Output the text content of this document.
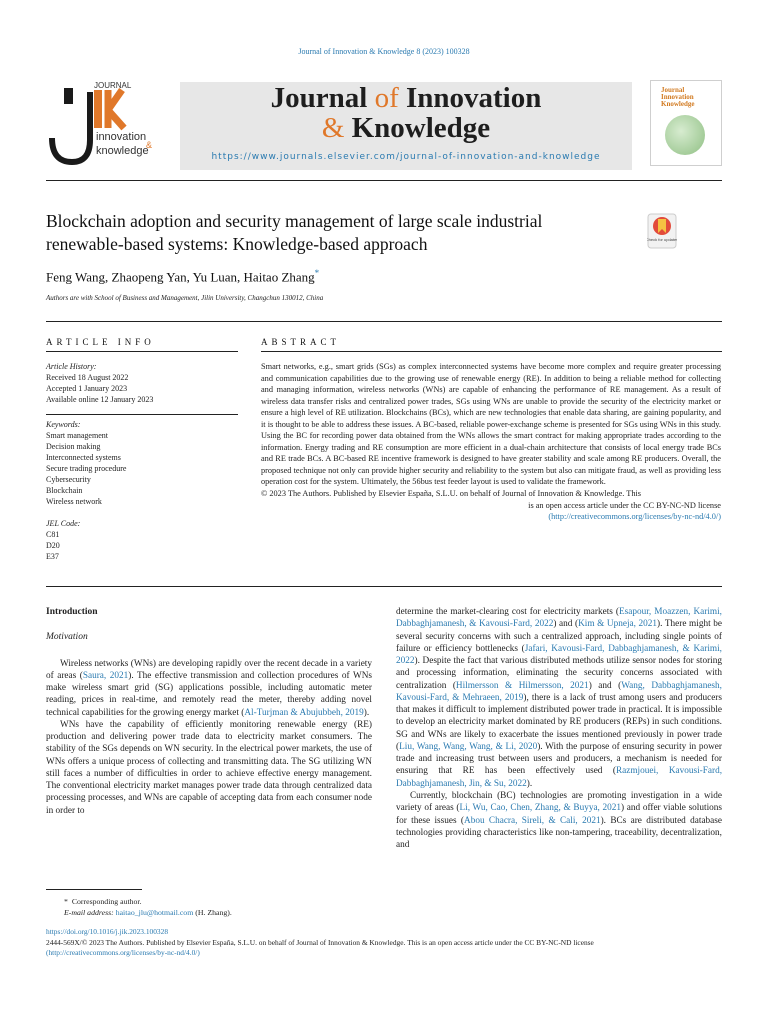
Journal of Innovation & Knowledge 8 (2023) 100328
JOURNAL
innovation
&
knowledge
Journal of Innovation
& Knowledge
https://www.journals.elsevier.com/journal-of-innovation-and-knowledge
Journal Innovation Knowledge
Blockchain adoption and security management of large scale industrial renewable-based systems: Knowledge-based approach	Check for updates
Feng Wang, Zhaopeng Yan, Yu Luan, Haitao Zhang*
Authors are with School of Business and Management, Jilin University, Changchun 130012, China
ARTICLE INFO
Article History:
Received 18 August 2022
Accepted 1 January 2023
Available online 12 January 2023
Keywords:
Smart management
Decision making
Interconnected systems
Secure trading procedure
Cybersecurity
Blockchain
Wireless network
JEL Code:
C81
D20
E37
ABSTRACT

Smart networks, e.g., smart grids (SGs) as complex interconnected systems have become more complex and require greater processing and communication capabilities due to the growing use of renewable energy (RE). In addition to being a reliable method for collecting and managing information, wireless networks (WNs) are capable of enhancing the performance of RE management. As a result of wireless data transfer risks and centralized power trades, SGs using WNs are unable to provide the security of the electricity market or ensure a high level of RE utilization. Blockchains (BCs), which are new technologies that enable data sharing, are gaining popularity, and it is thought to be able to address these issues. A BC-based, reliable power-exchange scheme is presented for SGs using WNs in this study. Using the BC for recording power data obtained from the WNs allows the smart contract for making appropriate trades according to the information. Energy trading and RE consumption are more efficient in a dual-chain architecture that consists of local energy trade BCs and RE trade BCs. A BC-based RE incentive framework is designed to have greater stability and scale among RE producers. Overall, the proposed technique not only can provide higher security and reliability to the system but also can mitigate fraud, as well as providing less operation cost for the system. Ultimately, the 56bus test feeder layout is used to validate the framework.

© 2023 The Authors. Published by Elsevier España, S.L.U. on behalf of Journal of Innovation & Knowledge. This

is an open access article under the CC BY-NC-ND license

(http://creativecommons.org/licenses/by-nc-nd/4.0/)

Introduction
Motivation

Wireless networks (WNs) are developing rapidly over the recent decade in a variety of areas (Saura, 2021). The effective transmission and collection procedures of WNs make wireless smart grid (SG) applications possible, including automatic meter reading, prices in real-time, and remotely read the meter, thereby adding novel technical capabilities for the growing energy market (Al-Turjman & Abujubbeh, 2019).

WNs have the capability of efficiently monitoring renewable energy (RE) production and delivering power trade data to electricity market consumers. The stability of the SGs depends on WN security. In the electrical power markets, the use of WNs offers a unique process of collecting and transmitting data. The SG utilizing WN still faces a number of difficulties in order to achieve effective energy management. The conventional electricity market manages power trade data through centralized data processing processes, and WNs are capable of accepting data from each consumer node in order to

determine the market-clearing cost for electricity markets (Esapour, Moazzen, Karimi, Dabbaghjamanesh, & Kavousi-Fard, 2022) and (Kim & Upneja, 2021). There might be several security concerns with such a centralized approach, including single points of failure or efficiency bottlenecks (Jafari, Kavousi-Fard, Dabbaghjamanesh, & Karimi, 2022). Despite the fact that various distributed methods utilize sensor nodes for storing and processing information, eliminating the security concerns associated with centralization (Hilmersson & Hilmersson, 2021) and (Wang, Dabbaghjamanesh, Kavousi-Fard, & Mehraeen, 2019), there is a lack of trust among users and producers that makes it difficult to implement distributed power trade in practical. It is impossible to develop an electricity market dominated by RE producers (REPs) in such conditions. SG and WNs are likely to exacerbate the issues mentioned previously in power trade (Liu, Wang, Wang, Wang, & Li, 2020). With the purpose of ensuring security in power trade and increasing trust between users and producers, a mechanism is needed for ensuring that RE has been effectively used (Razmjouei, Kavousi-Fard, Dabbaghjamanesh, Jin, & Su, 2022).

Currently, blockchain (BC) technologies are promoting investigation in a wide variety of areas (Li, Wu, Cao, Chen, Zhang, & Buyya, 2021) and offer viable solutions for these issues (Abou Chacra, Sireli, & Cali, 2021). BCs are distributed database technologies providing characteristics like non-tampering, traceability, decentralization, and

* Corresponding author.
E-mail address: haitao_jlu@hotmail.com (H. Zhang).
https://doi.org/10.1016/j.jik.2023.100328
2444-569X/© 2023 The Authors. Published by Elsevier España, S.L.U. on behalf of Journal of Innovation & Knowledge. This is an open access article under the CC BY-NC-ND license
(http://creativecommons.org/licenses/by-nc-nd/4.0/)
